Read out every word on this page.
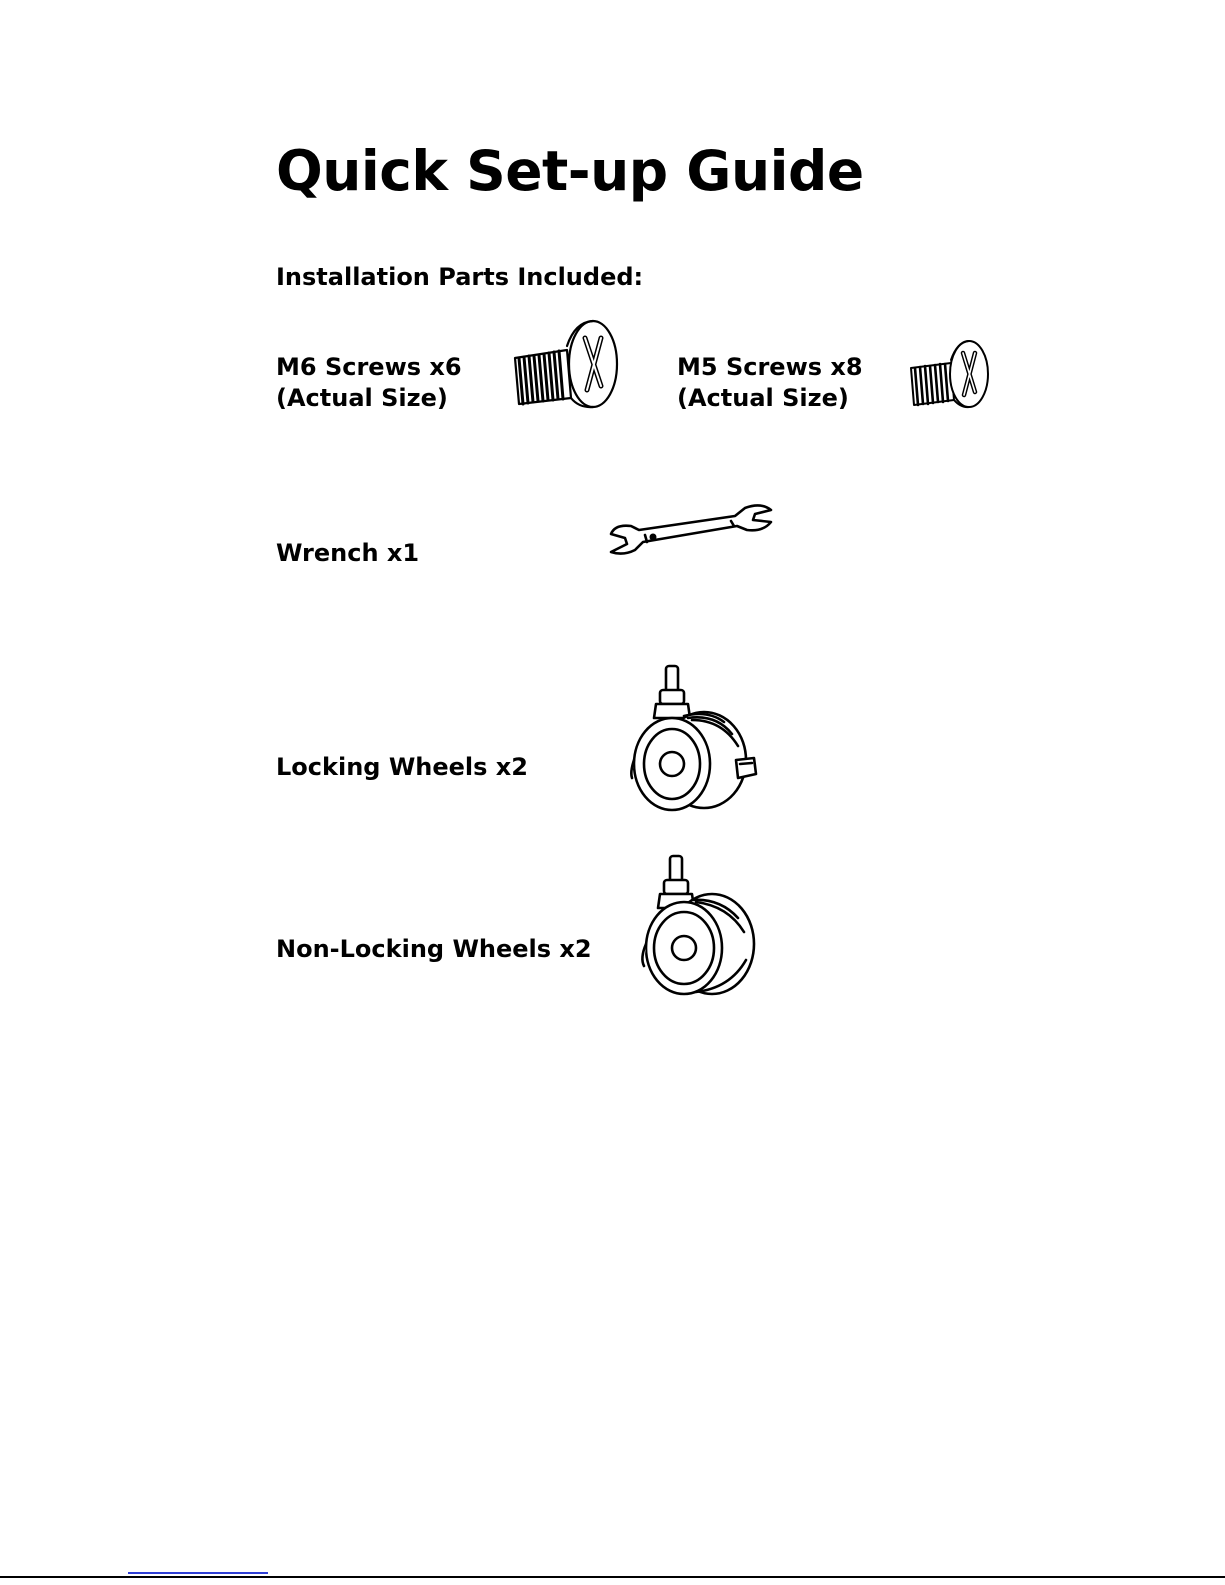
Quick Set-up Guide
Installation Parts Included:
M6 Screws x6
(Actual Size)
M5 Screws x8
(Actual Size)
Wrench x1
Locking Wheels x2
Non-Locking Wheels x2
